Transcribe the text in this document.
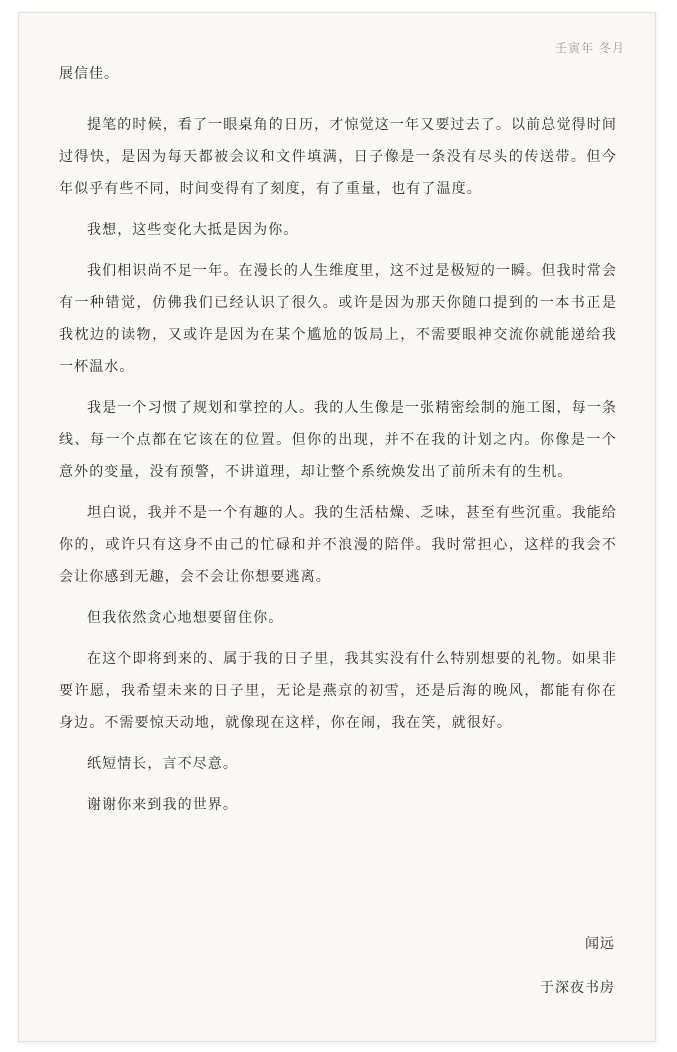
壬寅年 冬月
展信佳。

提笔的时候，看了一眼桌角的日历，才惊觉这一年又要过去了。以前总觉得时间过得快，是因为每天都被会议和文件填满，日子像是一条没有尽头的传送带。但今年似乎有些不同，时间变得有了刻度，有了重量，也有了温度。

我想，这些变化大抵是因为你。

我们相识尚不足一年。在漫长的人生维度里，这不过是极短的一瞬。但我时常会有一种错觉，仿佛我们已经认识了很久。或许是因为那天你随口提到的一本书正是我枕边的读物，又或许是因为在某个尴尬的饭局上，不需要眼神交流你就能递给我一杯温水。

我是一个习惯了规划和掌控的人。我的人生像是一张精密绘制的施工图，每一条线、每一个点都在它该在的位置。但你的出现，并不在我的计划之内。你像是一个意外的变量，没有预警，不讲道理，却让整个系统焕发出了前所未有的生机。

坦白说，我并不是一个有趣的人。我的生活枯燥、乏味，甚至有些沉重。我能给你的，或许只有这身不由己的忙碌和并不浪漫的陪伴。我时常担心，这样的我会不会让你感到无趣，会不会让你想要逃离。

但我依然贪心地想要留住你。

在这个即将到来的、属于我的日子里，我其实没有什么特别想要的礼物。如果非要许愿，我希望未来的日子里，无论是燕京的初雪，还是后海的晚风，都能有你在身边。不需要惊天动地，就像现在这样，你在闹，我在笑，就很好。

纸短情长，言不尽意。

谢谢你来到我的世界。

闻远
于深夜书房
